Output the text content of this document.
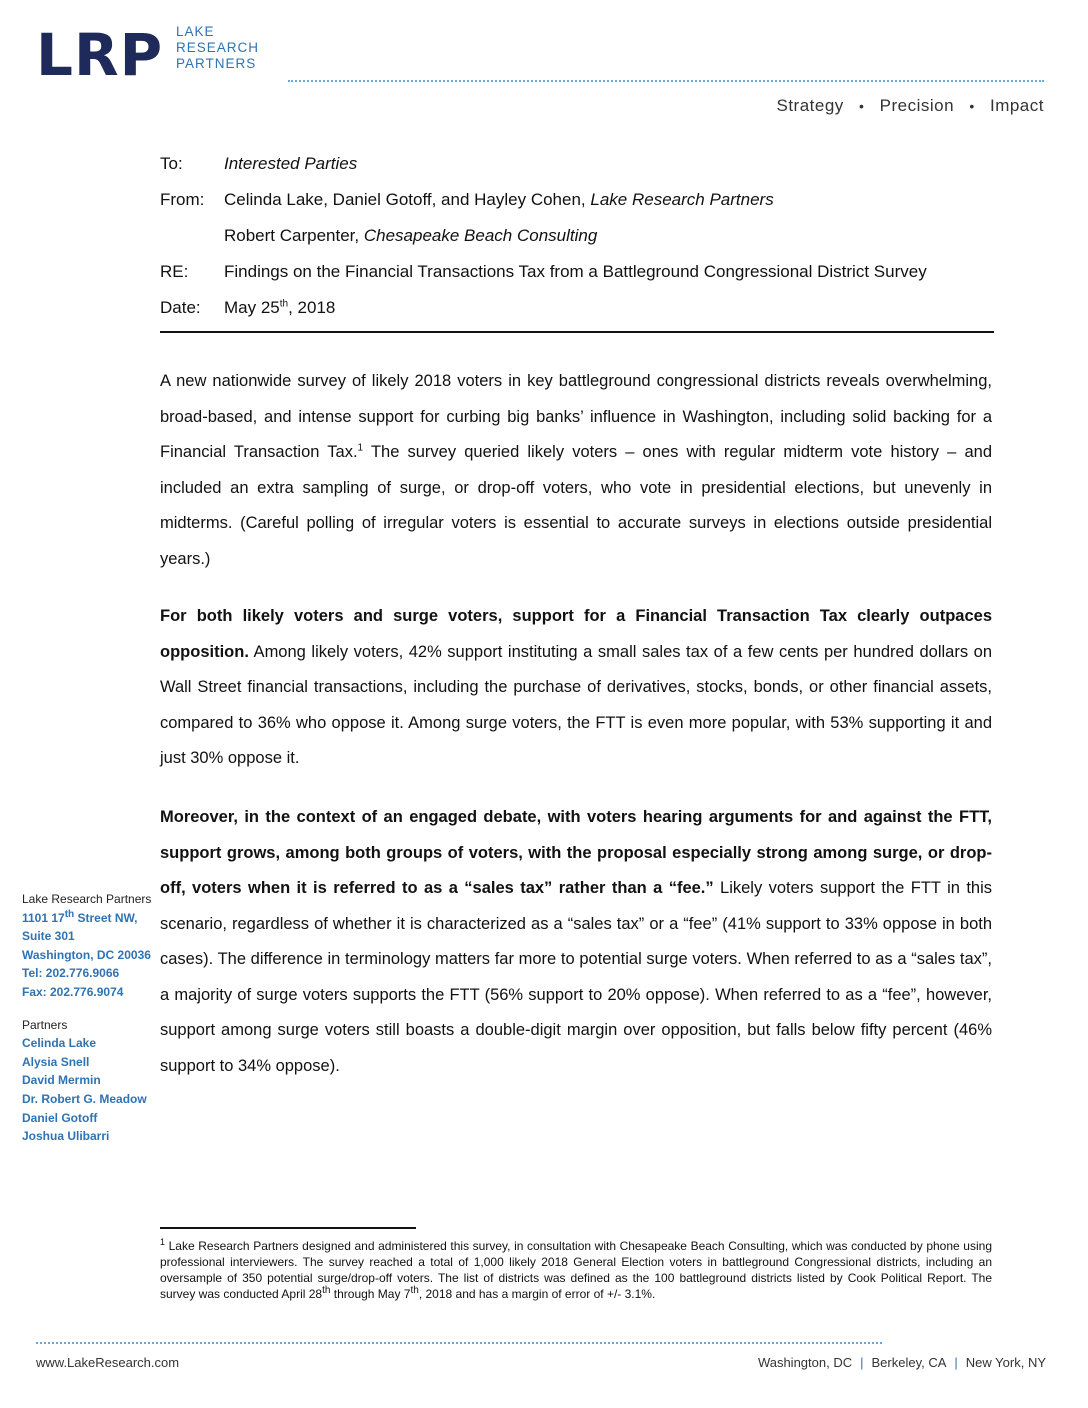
LRP LAKE
RESEARCH
PARTNERS
Strategy • Precision • Impact
To:	Interested Parties
From:	Celinda Lake, Daniel Gotoff, and Hayley Cohen, Lake Research Partners
Robert Carpenter, Chesapeake Beach Consulting
RE:	Findings on the Financial Transactions Tax from a Battleground Congressional District Survey
Date:	May 25th, 2018

A new nationwide survey of likely 2018 voters in key battleground congressional districts reveals overwhelming, broad-based, and intense support for curbing big banks’ influence in Washington, including solid backing for a Financial Transaction Tax.$^1$ The survey queried likely voters – ones with regular midterm vote history – and included an extra sampling of surge, or drop-off voters, who vote in presidential elections, but unevenly in midterms. (Careful polling of irregular voters is essential to accurate surveys in elections outside presidential years.)

For both likely voters and surge voters, support for a Financial Transaction Tax clearly outpaces opposition. Among likely voters, 42% support instituting a small sales tax of a few cents per hundred dollars on Wall Street financial transactions, including the purchase of derivatives, stocks, bonds, or other financial assets, compared to 36% who oppose it. Among surge voters, the FTT is even more popular, with 53% supporting it and just 30% oppose it.

Moreover, in the context of an engaged debate, with voters hearing arguments for and against the FTT, support grows, among both groups of voters, with the proposal especially strong among surge, or drop-off, voters when it is referred to as a “sales tax” rather than a “fee.” Likely voters support the FTT in this scenario, regardless of whether it is characterized as a “sales tax” or a “fee” (41% support to 33% oppose in both cases). The difference in terminology matters far more to potential surge voters. When referred to as a “sales tax”, a majority of surge voters supports the FTT (56% support to 20% oppose). When referred to as a “fee”, however, support among surge voters still boasts a double-digit margin over opposition, but falls below fifty percent (46% support to 34% oppose).

Lake Research Partners
1101 17th Street NW,
Suite 301
Washington, DC 20036
Tel: 202.776.9066
Fax: 202.776.9074
Partners
Celinda Lake
Alysia Snell
David Mermin
Dr. Robert G. Meadow
Daniel Gotoff
Joshua Ulibarri
$^1$ Lake Research Partners designed and administered this survey, in consultation with Chesapeake Beach Consulting, which was conducted by phone using professional interviewers. The survey reached a total of 1,000 likely 2018 General Election voters in battleground Congressional districts, including an oversample of 350 potential surge/drop-off voters. The list of districts was defined as the 100 battleground districts listed by Cook Political Report. The survey was conducted April 28th through May 7th, 2018 and has a margin of error of +/- 3.1%.
www.LakeResearch.com	Washington, DC | Berkeley, CA | New York, NY
